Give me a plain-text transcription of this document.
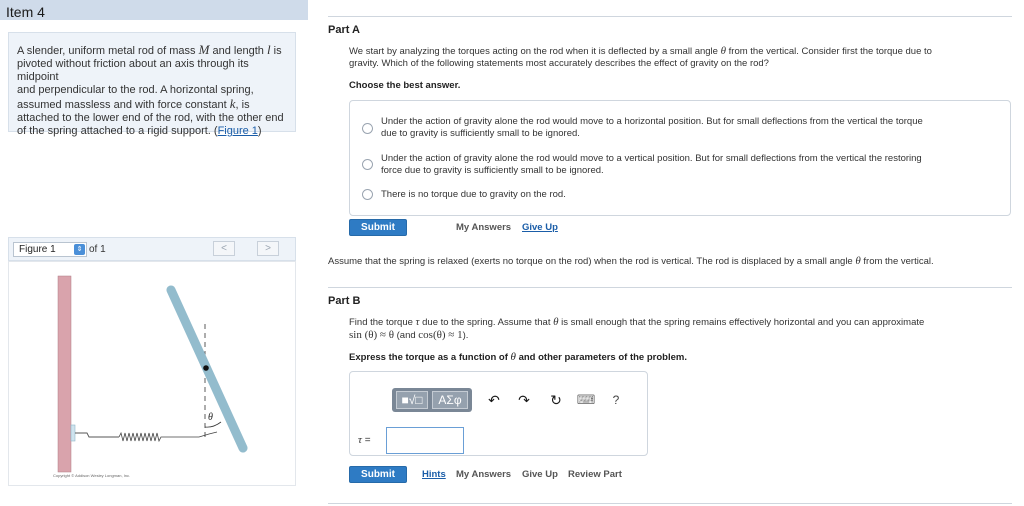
Item 4
A slender, uniform metal rod of mass M and length l is
pivoted without friction about an axis through its midpoint
and perpendicular to the rod. A horizontal spring,
assumed massless and with force constant k, is
attached to the lower end of the rod, with the other end
of the spring attached to a rigid support. (Figure 1)
Figure 1	⇕ of 1	<	>
θ
Copyright © Addison Wesley Longman, Inc.
Part A
We start by analyzing the torques acting on the rod when it is deflected by a small angle θ from the vertical. Consider first the torque due to
gravity. Which of the following statements most accurately describes the effect of gravity on the rod?
Choose the best answer.
Under the action of gravity alone the rod would move to a horizontal position. But for small deflections from the vertical the torque
due to gravity is sufficiently small to be ignored.
Under the action of gravity alone the rod would move to a vertical position. But for small deflections from the vertical the restoring
force due to gravity is sufficiently small to be ignored.
There is no torque due to gravity on the rod.
Submit	My Answers Give Up
Assume that the spring is relaxed (exerts no torque on the rod) when the rod is vertical. The rod is displaced by a small angle θ from the vertical.
Part B
Find the torque τ due to the spring. Assume that θ is small enough that the spring remains effectively horizontal and you can approximate
sin (θ) ≈ θ (and cos(θ) ≈ 1).
Express the torque as a function of θ and other parameters of the problem.
■√□	ΑΣφ	↶ ↷ ↻	⌨	?
τ =
Submit	Hints My Answers Give Up Review Part
